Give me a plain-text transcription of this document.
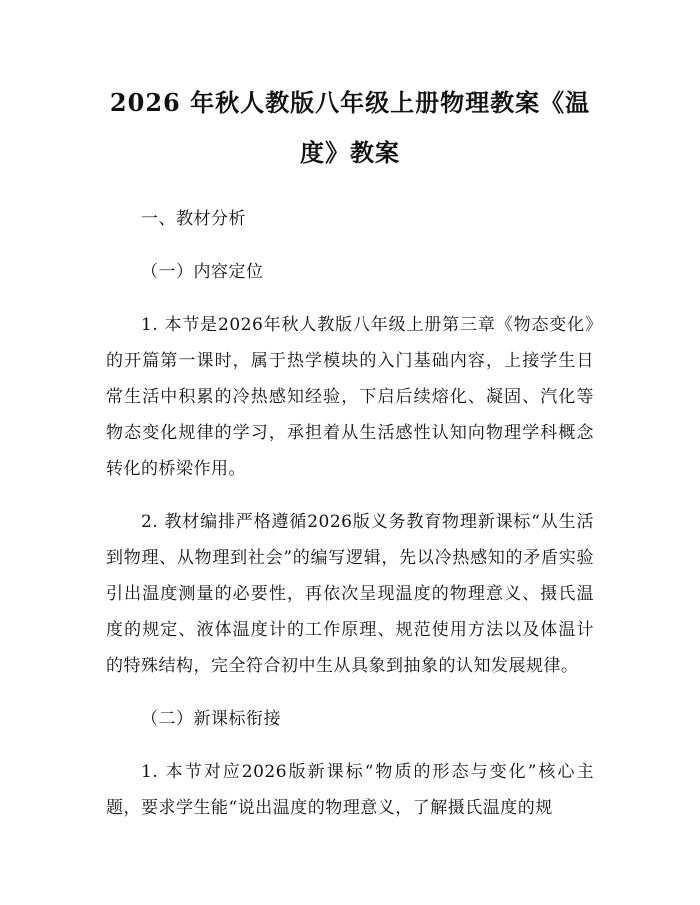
2026 年秋人教版八年级上册物理教案《温度》教案

一、教材分析

（一）内容定位

1. 本节是2026年秋人教版八年级上册第三章《物态变化》的开篇第一课时，属于热学模块的入门基础内容，上接学生日常生活中积累的冷热感知经验，下启后续熔化、凝固、汽化等物态变化规律的学习，承担着从生活感性认知向物理学科概念转化的桥梁作用。

2. 教材编排严格遵循2026版义务教育物理新课标“从生活到物理、从物理到社会”的编写逻辑，先以冷热感知的矛盾实验引出温度测量的必要性，再依次呈现温度的物理意义、摄氏温度的规定、液体温度计的工作原理、规范使用方法以及体温计的特殊结构，完全符合初中生从具象到抽象的认知发展规律。

（二）新课标衔接

1. 本节对应2026版新课标“物质的形态与变化”核心主题，要求学生能“说出温度的物理意义，了解摄氏温度的规
